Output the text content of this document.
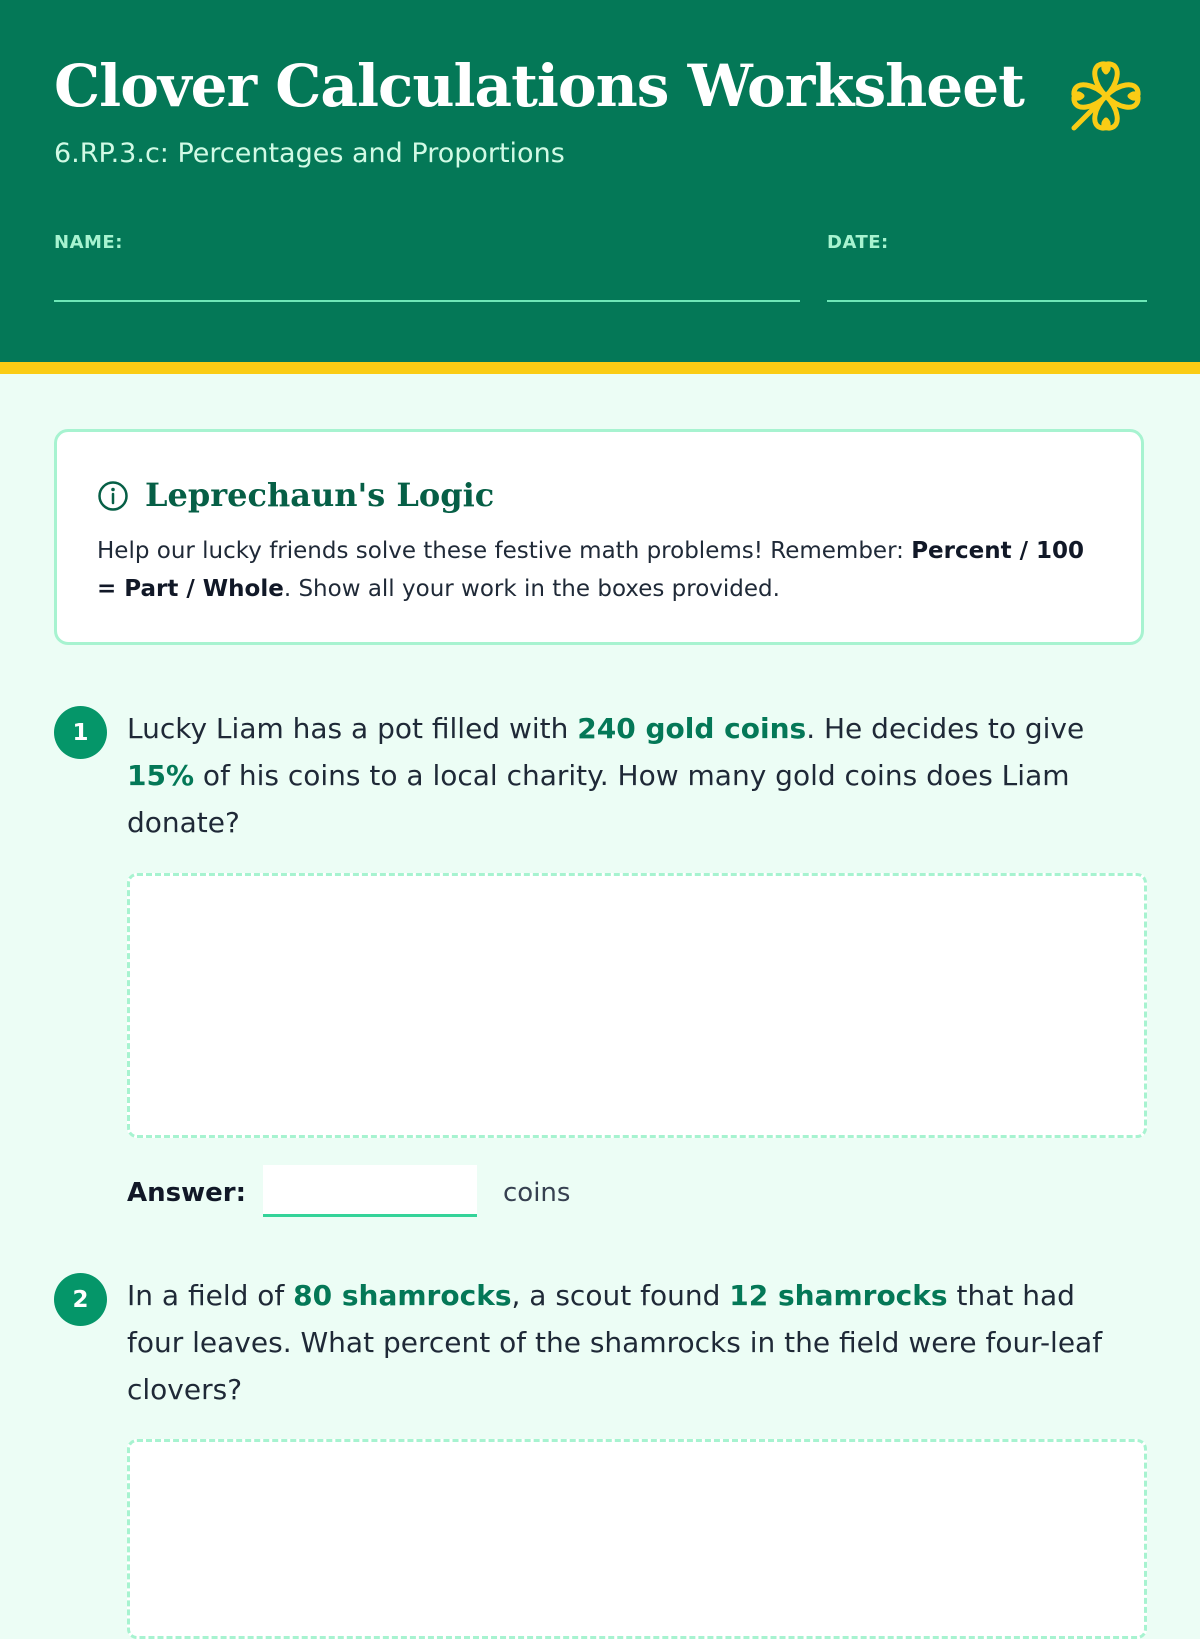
Clover Calculations Worksheet
6.RP.3.c: Percentages and Proportions
NAME:	DATE:
Leprechaun's Logic
Help our lucky friends solve these festive math problems! Remember: Percent / 100 = Part / Whole. Show all your work in the boxes provided.
1	Lucky Liam has a pot filled with 240 gold coins. He decides to give 15% of his coins to a local charity. How many gold coins does Liam donate?
Answer:	coins
2	In a field of 80 shamrocks, a scout found 12 shamrocks that had four leaves. What percent of the shamrocks in the field were four-leaf clovers?
